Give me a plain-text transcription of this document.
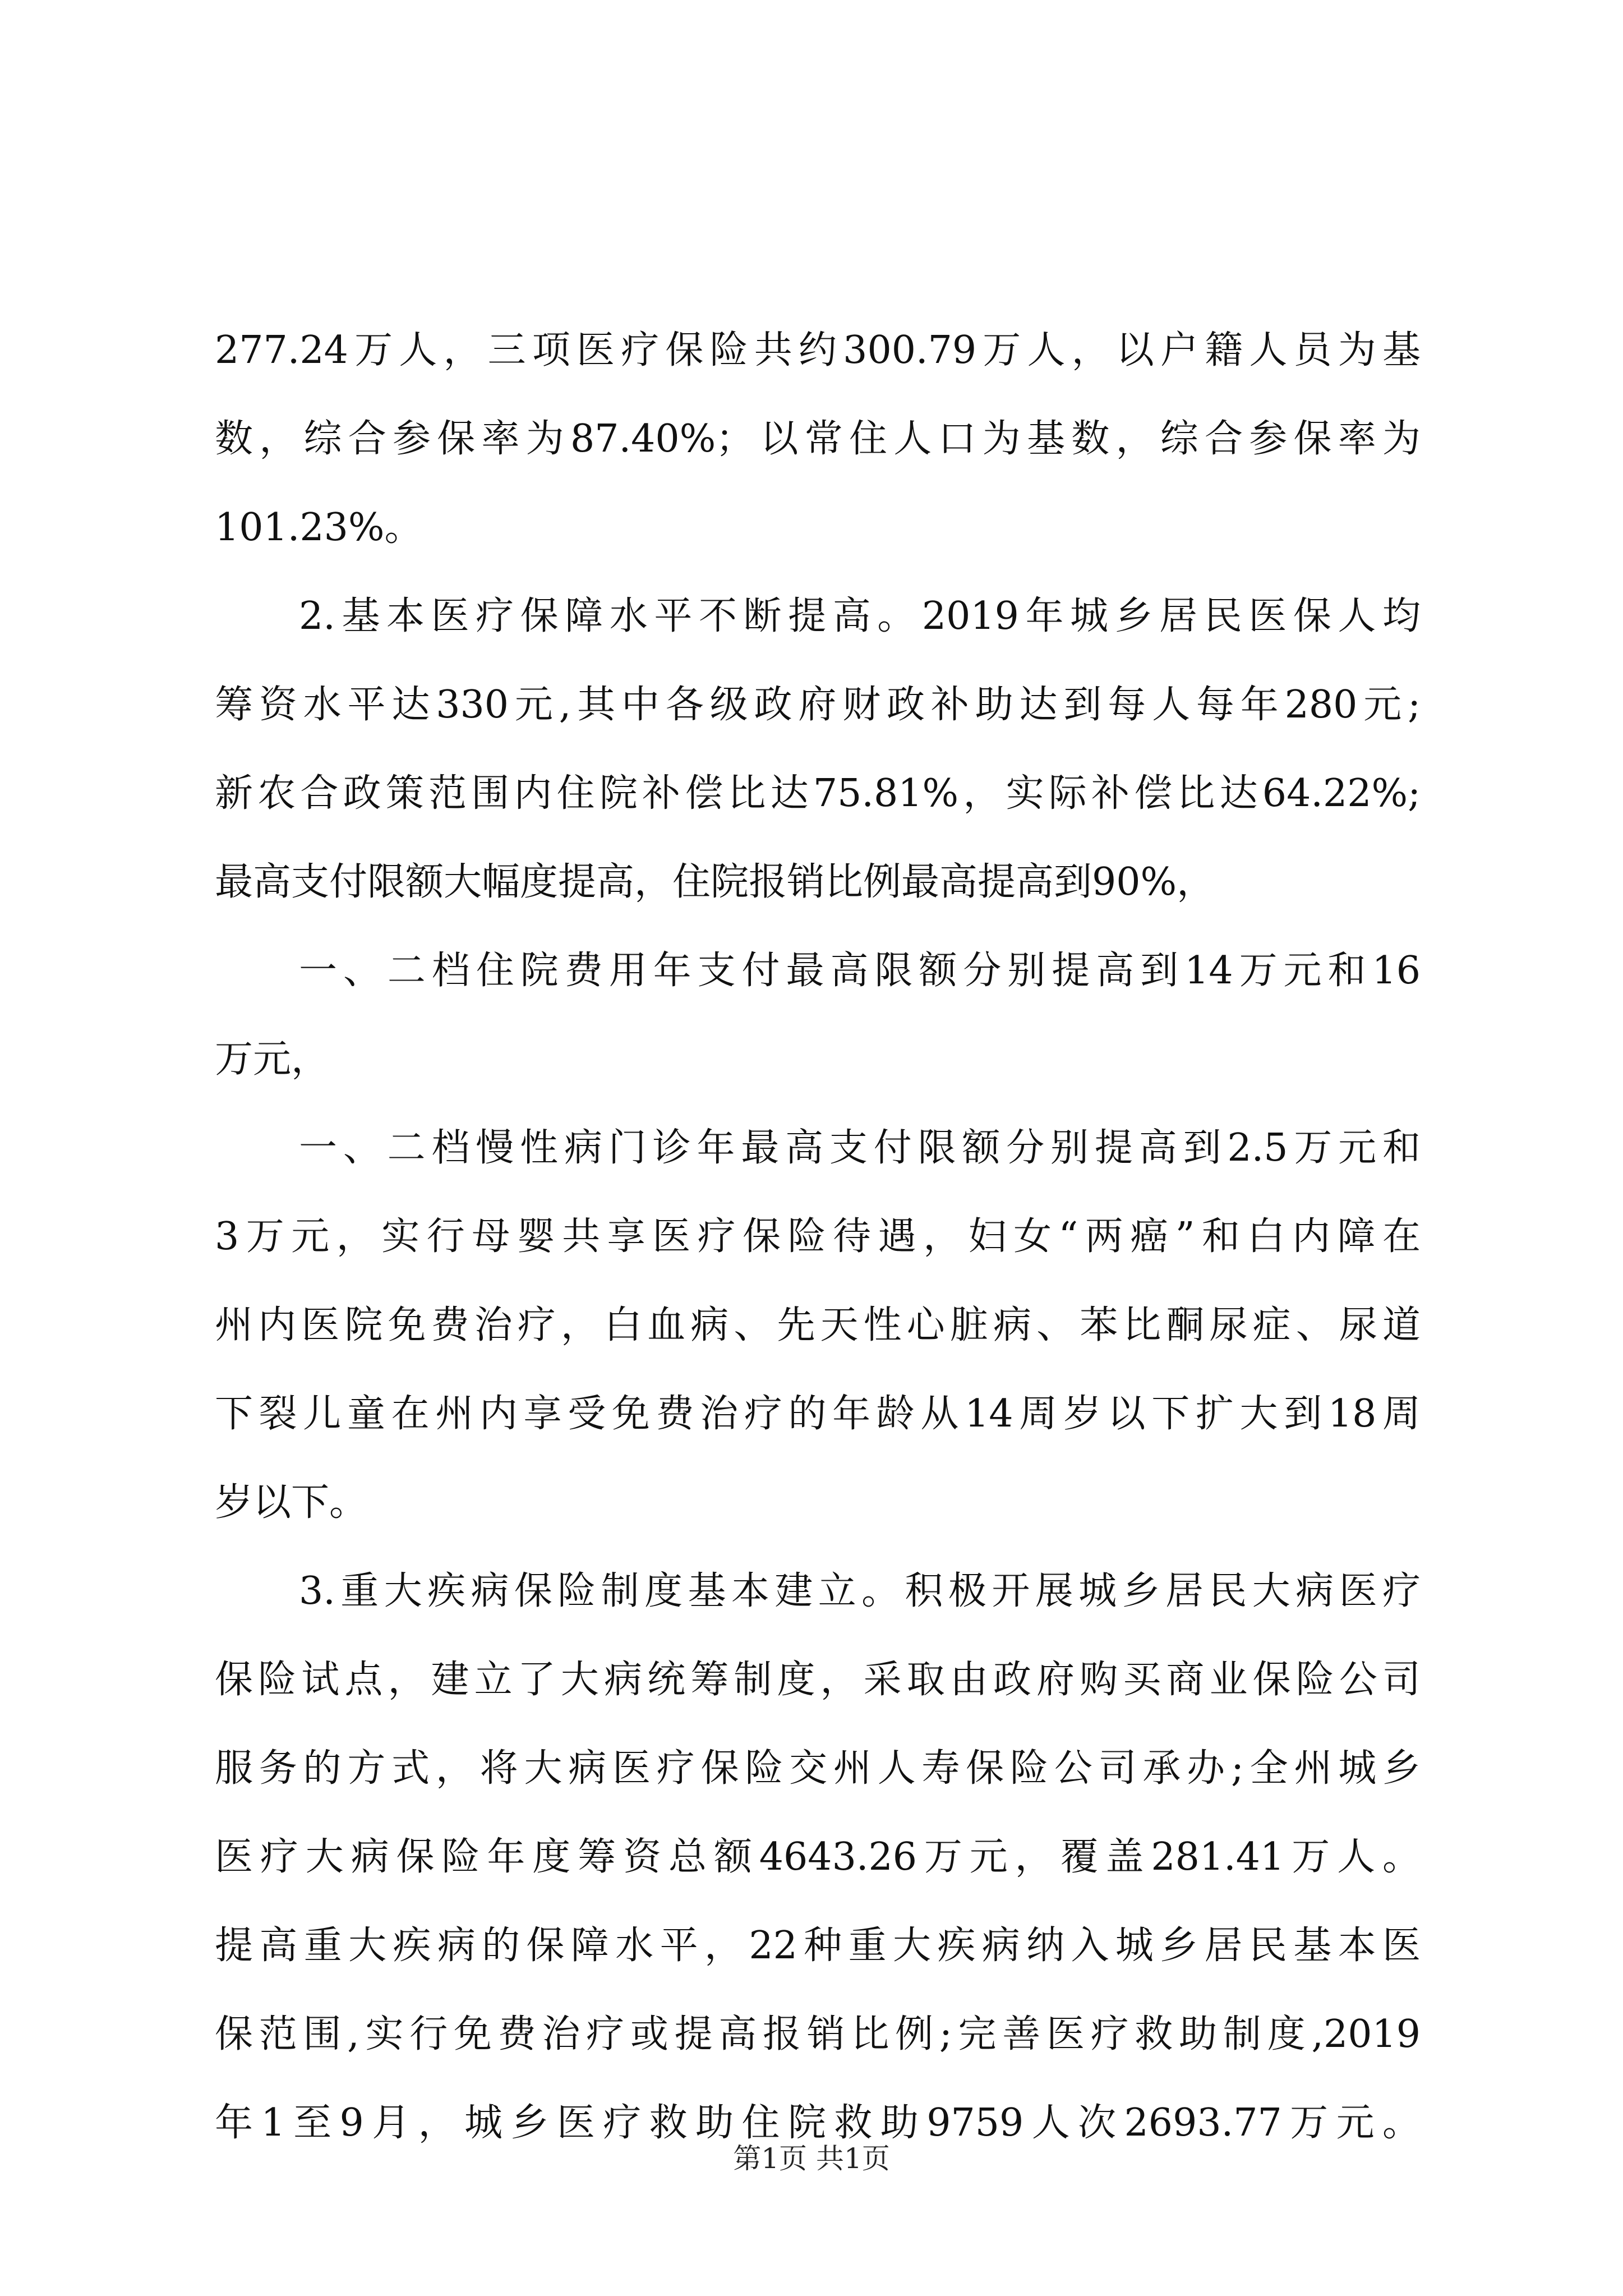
277.24万人，三项医疗保险共约300.79万人，以户籍人员为基
数，综合参保率为87.40%；以常住人口为基数，综合参保率为
101.23%。
2.基本医疗保障水平不断提高。2019年城乡居民医保人均
筹资水平达330元,其中各级政府财政补助达到每人每年280元;
新农合政策范围内住院补偿比达75.81%，实际补偿比达64.22%;
最高支付限额大幅度提高，住院报销比例最高提高到90%，
一、二档住院费用年支付最高限额分别提高到14万元和16
万元，
一、二档慢性病门诊年最高支付限额分别提高到2.5万元和
3万元，实行母婴共享医疗保险待遇，妇女“两癌”和白内障在
州内医院免费治疗，白血病、先天性心脏病、苯比酮尿症、尿道
下裂儿童在州内享受免费治疗的年龄从14周岁以下扩大到18周
岁以下。
3.重大疾病保险制度基本建立。积极开展城乡居民大病医疗
保险试点，建立了大病统筹制度，采取由政府购买商业保险公司
服务的方式，将大病医疗保险交州人寿保险公司承办;全州城乡
医疗大病保险年度筹资总额4643.26万元，覆盖281.41万人。
提高重大疾病的保障水平，22种重大疾病纳入城乡居民基本医
保范围,实行免费治疗或提高报销比例;完善医疗救助制度,2019
年1至9月，城乡医疗救助住院救助9759人次2693.77万元。
第1页 共1页
